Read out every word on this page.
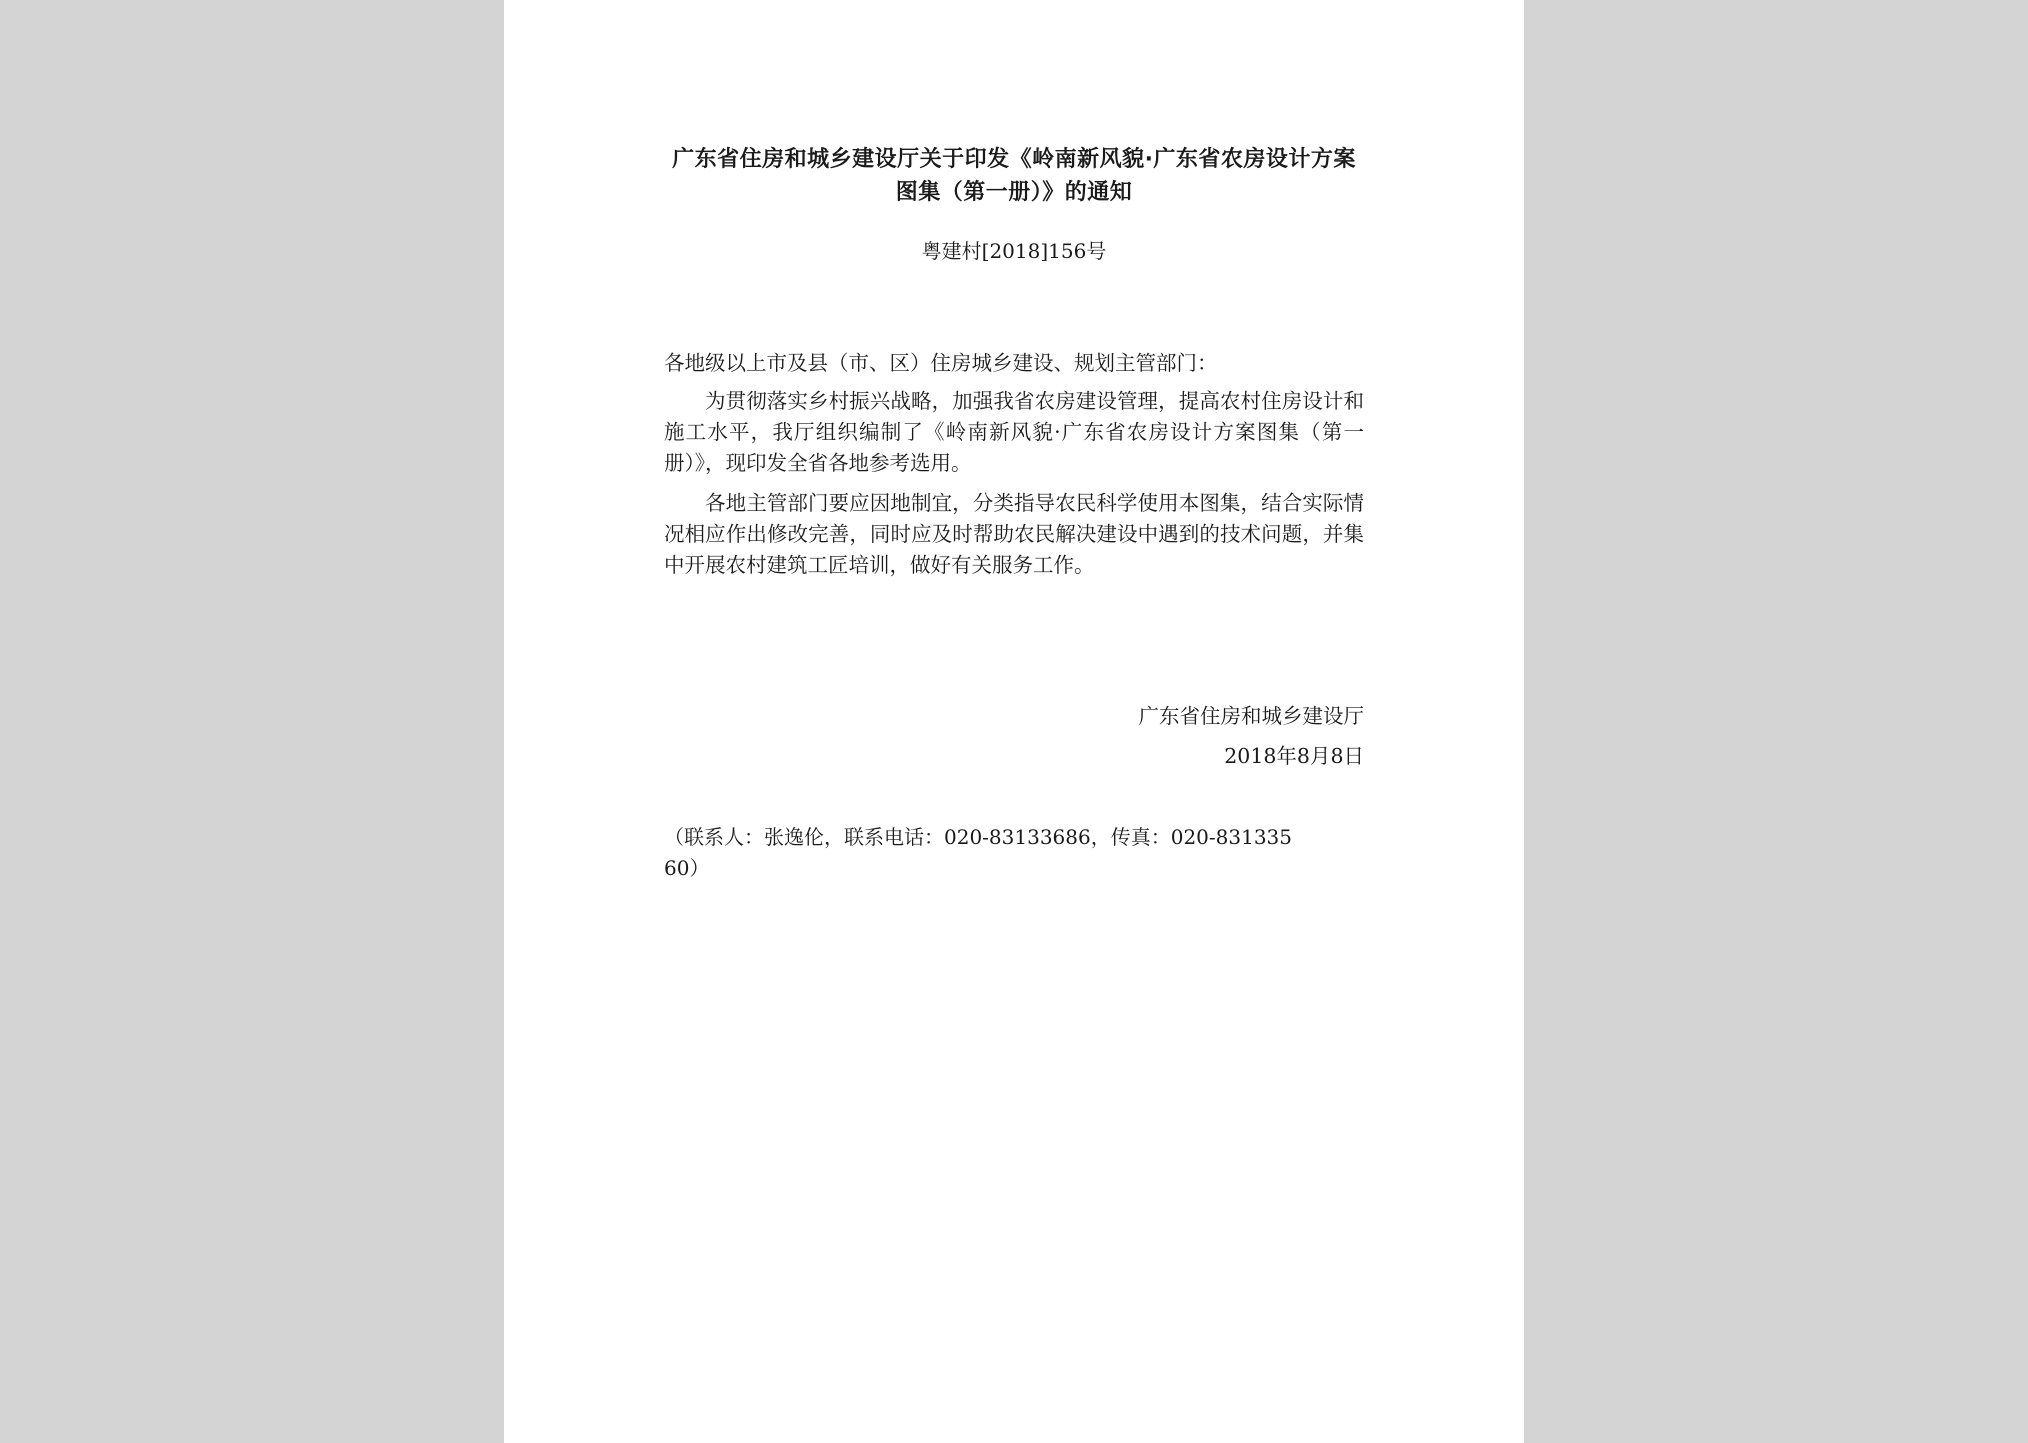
广东省住房和城乡建设厅关于印发《岭南新风貌·广东省农房设计方案图集（第一册）》的通知
粤建村[2018]156号
各地级以上市及县（市、区）住房城乡建设、规划主管部门：
为贯彻落实乡村振兴战略，加强我省农房建设管理，提高农村住房设计和施工水平，我厅组织编制了《岭南新风貌·广东省农房设计方案图集（第一册）》，现印发全省各地参考选用。
各地主管部门要应因地制宜，分类指导农民科学使用本图集，结合实际情况相应作出修改完善，同时应及时帮助农民解决建设中遇到的技术问题，并集中开展农村建筑工匠培训，做好有关服务工作。
广东省住房和城乡建设厅
2018年8月8日
（联系人：张逸伦，联系电话：020-83133686，传真：020-83133560）
